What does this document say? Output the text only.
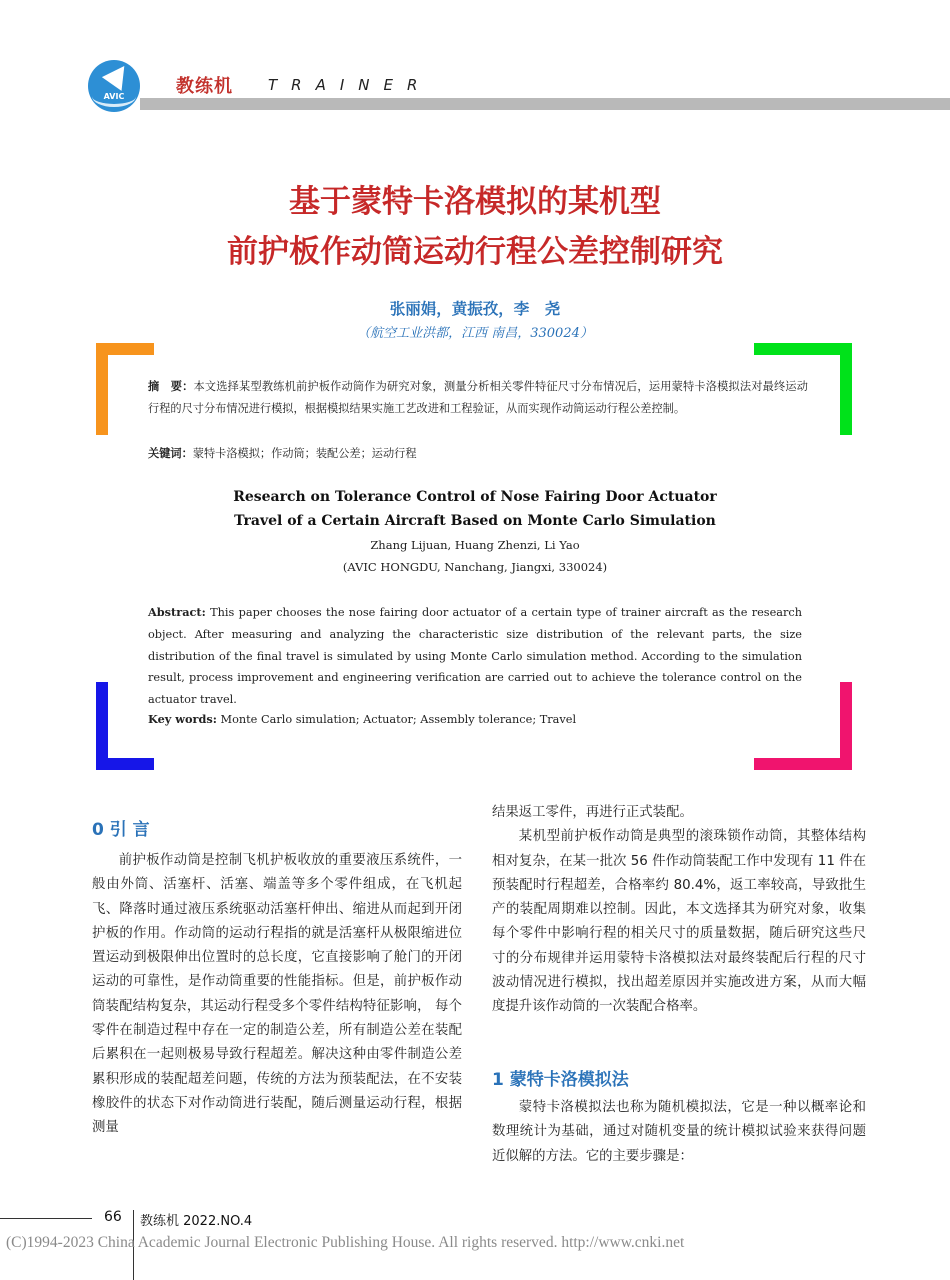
AVIC	教练机 TRAINER
基于蒙特卡洛模拟的某机型
前护板作动筒运动行程公差控制研究
张丽娟，黄振孜，李　尧
（航空工业洪都，江西 南昌，330024）
摘　要：本文选择某型教练机前护板作动筒作为研究对象，测量分析相关零件特征尺寸分布情况后，运用蒙特卡洛模拟法对最终运动行程的尺寸分布情况进行模拟，根据模拟结果实施工艺改进和工程验证，从而实现作动筒运动行程公差控制。
关键词：蒙特卡洛模拟；作动筒；装配公差；运动行程
Research on Tolerance Control of Nose Fairing Door Actuator
Travel of a Certain Aircraft Based on Monte Carlo Simulation
Zhang Lijuan, Huang Zhenzi, Li Yao
(AVIC HONGDU, Nanchang, Jiangxi, 330024)
Abstract: This paper chooses the nose fairing door actuator of a certain type of trainer aircraft as the research object. After measuring and analyzing the characteristic size distribution of the relevant parts, the size distribution of the final travel is simulated by using Monte Carlo simulation method. According to the simulation result, process improvement and engineering verification are carried out to achieve the tolerance control on the actuator travel.
Key words: Monte Carlo simulation; Actuator; Assembly tolerance; Travel
0 引 言

前护板作动筒是控制飞机护板收放的重要液压系统件，一般由外筒、活塞杆、活塞、端盖等多个零件组成，在飞机起飞、降落时通过液压系统驱动活塞杆伸出、缩进从而起到开闭护板的作用。作动筒的运动行程指的就是活塞杆从极限缩进位置运动到极限伸出位置时的总长度，它直接影响了舱门的开闭运动的可靠性，是作动筒重要的性能指标。但是，前护板作动筒装配结构复杂，其运动行程受多个零件结构特征影响， 每个零件在制造过程中存在一定的制造公差，所有制造公差在装配后累积在一起则极易导致行程超差。解决这种由零件制造公差累积形成的装配超差问题，传统的方法为预装配法，在不安装橡胶件的状态下对作动筒进行装配，随后测量运动行程，根据测量

结果返工零件，再进行正式装配。

某机型前护板作动筒是典型的滚珠锁作动筒，其整体结构相对复杂，在某一批次 56 件作动筒装配工作中发现有 11 件在预装配时行程超差，合格率约 80.4%，返工率较高，导致批生产的装配周期难以控制。因此，本文选择其为研究对象，收集每个零件中影响行程的相关尺寸的质量数据，随后研究这些尺寸的分布规律并运用蒙特卡洛模拟法对最终装配后行程的尺寸波动情况进行模拟，找出超差原因并实施改进方案，从而大幅度提升该作动筒的一次装配合格率。

1 蒙特卡洛模拟法

蒙特卡洛模拟法也称为随机模拟法，它是一种以概率论和数理统计为基础，通过对随机变量的统计模拟试验来获得问题近似解的方法。它的主要步骤是：

66 教练机 2022.NO.4
(C)1994-2023 China Academic Journal Electronic Publishing House. All rights reserved. http://www.cnki.net
